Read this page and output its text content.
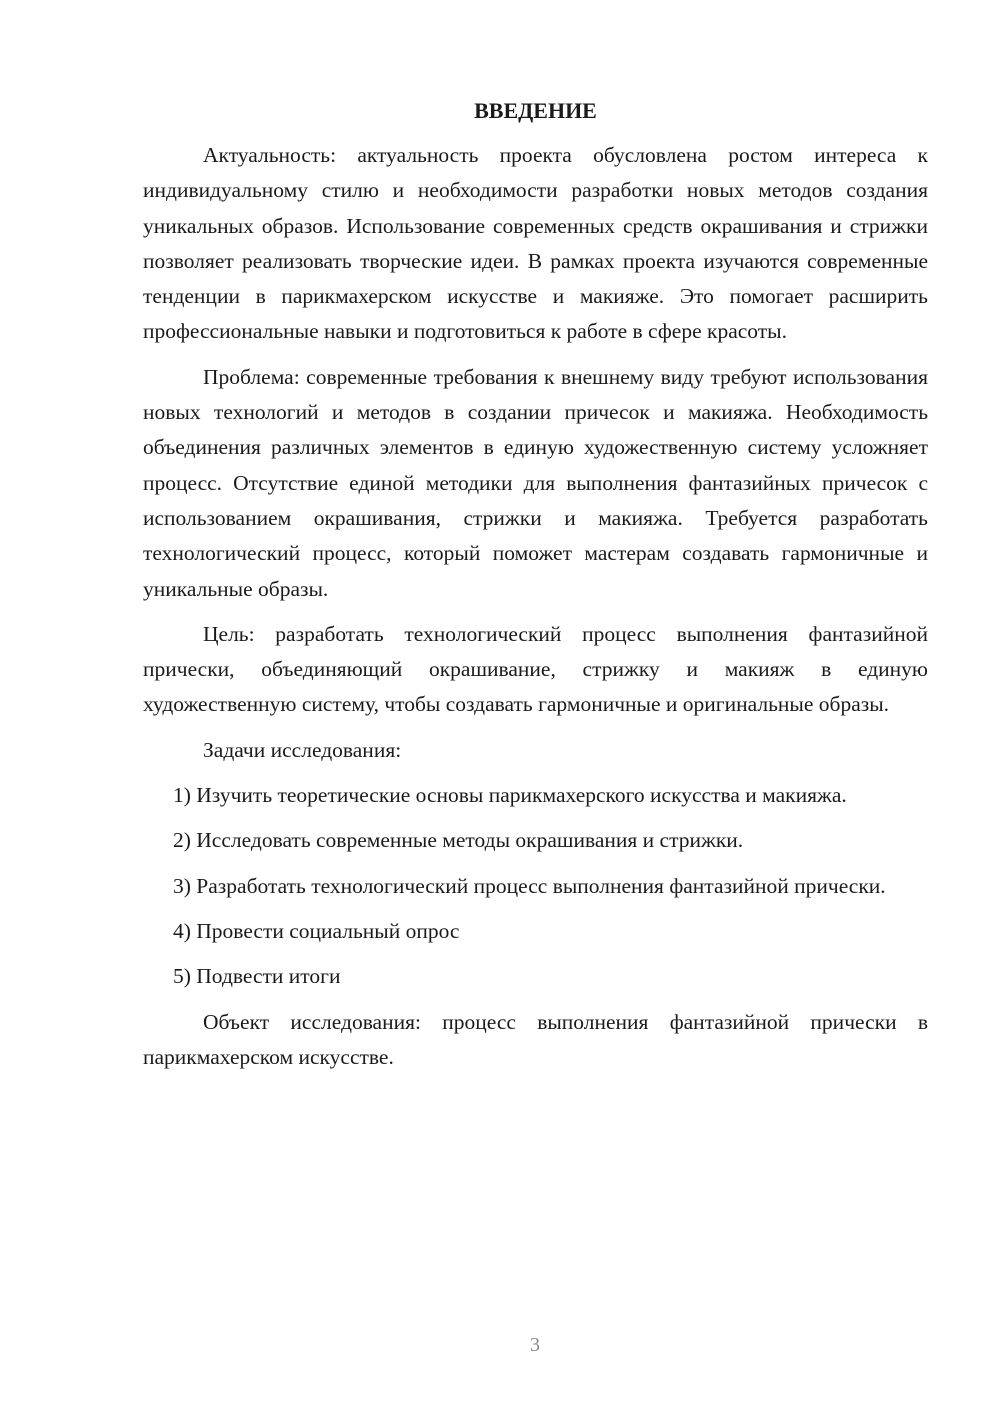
ВВЕДЕНИЕ

Актуальность: актуальность проекта обусловлена ростом интереса к индивидуальному стилю и необходимости разработки новых методов создания уникальных образов. Использование современных средств окрашивания и стрижки позволяет реализовать творческие идеи. В рамках проекта изучаются современные тенденции в парикмахерском искусстве и макияже. Это помогает расширить профессиональные навыки и подготовиться к работе в сфере красоты.

Проблема: современные требования к внешнему виду требуют использования новых технологий и методов в создании причесок и макияжа. Необходимость объединения различных элементов в единую художественную систему усложняет процесс. Отсутствие единой методики для выполнения фантазийных причесок с использованием окрашивания, стрижки и макияжа. Требуется разработать технологический процесс, который поможет мастерам создавать гармоничные и уникальные образы.

Цель: разработать технологический процесс выполнения фантазийной прически, объединяющий окрашивание, стрижку и макияж в единую художественную систему, чтобы создавать гармоничные и оригинальные образы.

Задачи исследования:

1) Изучить теоретические основы парикмахерского искусства и макияжа.
2) Исследовать современные методы окрашивания и стрижки.
3) Разработать технологический процесс выполнения фантазийной прически.
4) Провести социальный опрос
5) Подвести итоги

Объект исследования: процесс выполнения фантазийной прически в парикмахерском искусстве.

3
